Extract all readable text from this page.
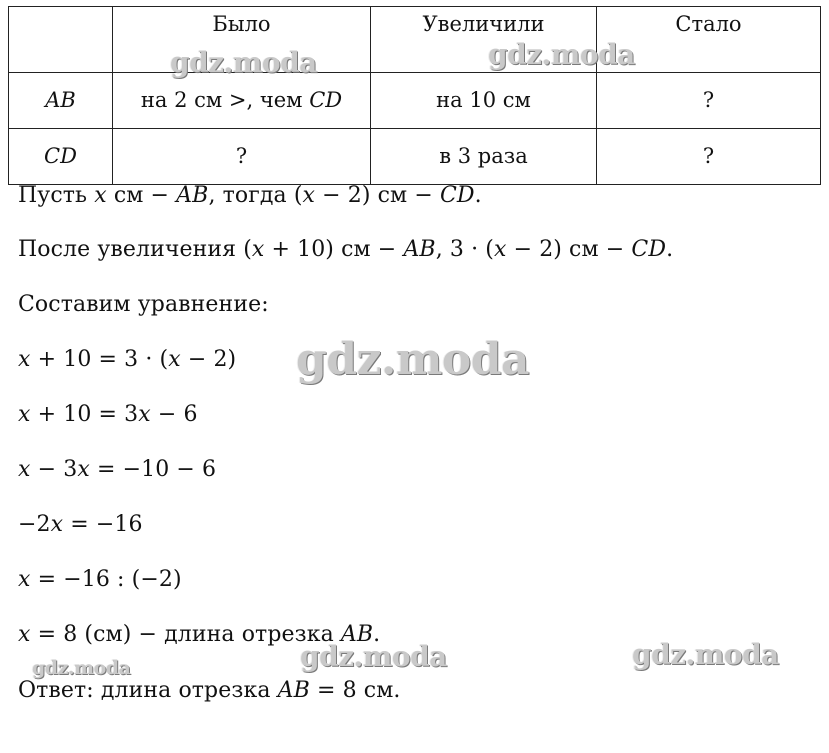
	Было	Увеличили	Стало
AB	на 2 см >, чем CD	на 10 см	?
CD	?	в 3 раза	?
Пусть x см − AB, тогда (x − 2) см − CD.
После увеличения (x + 10) см − AB, 3 · (x − 2) см − CD.
Составим уравнение:
x + 10 = 3 · (x − 2)
x + 10 = 3x − 6
x − 3x = −10 − 6
−2x = −16
x = −16 : (−2)
x = 8 (см) − длина отрезка AB.
Ответ: длина отрезка AB = 8 см.
gdz.moda	gdz.moda
gdz.moda
gdz.moda	gdz.moda	gdz.moda
